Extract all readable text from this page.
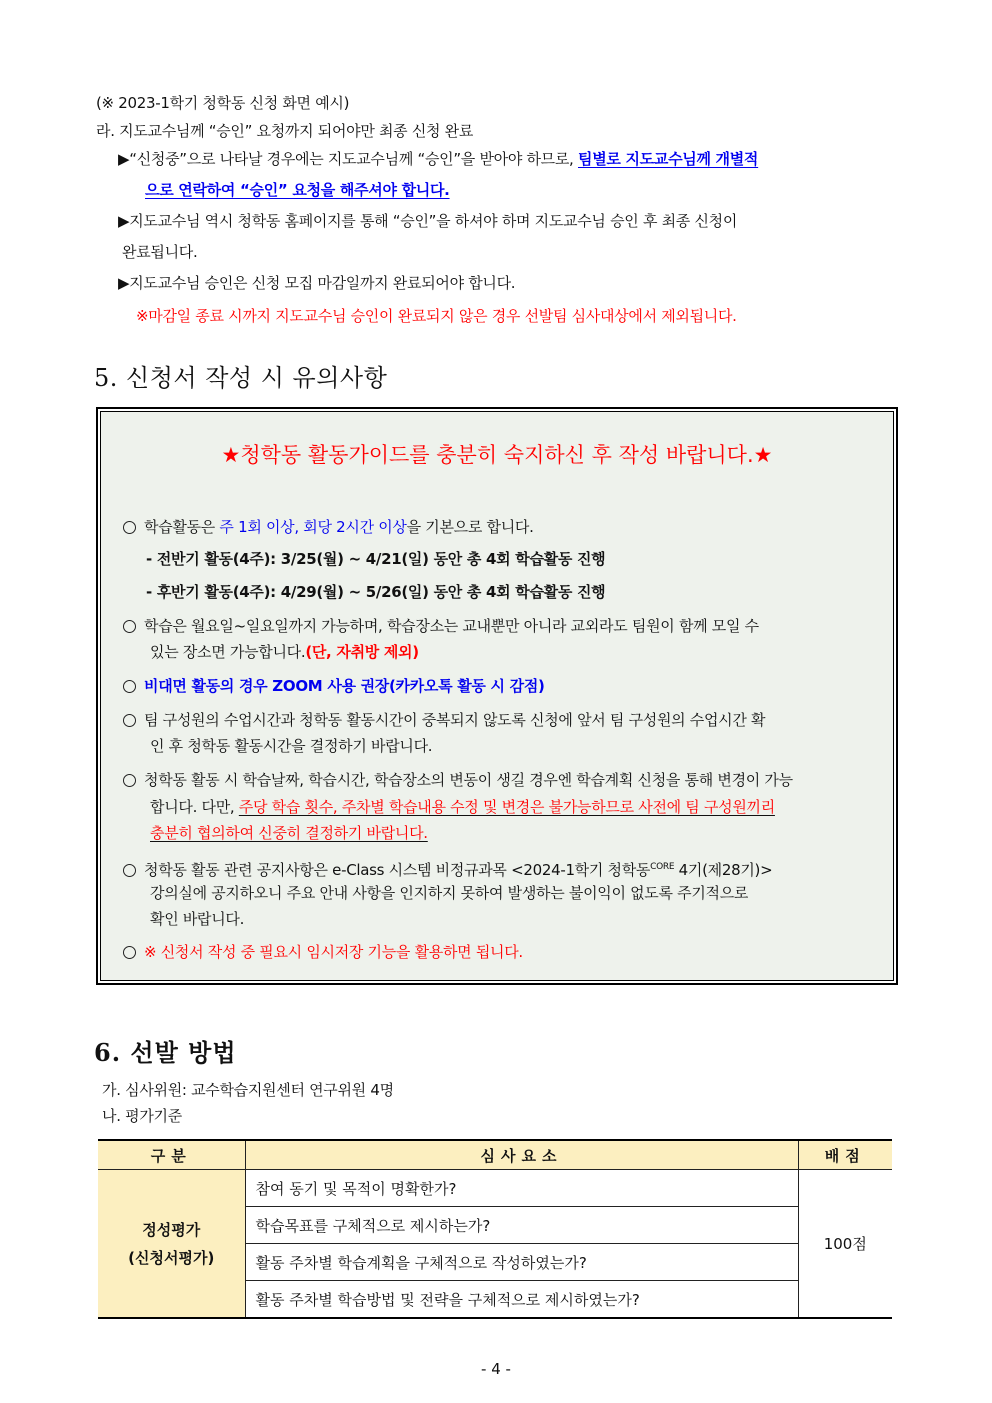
(※ 2023-1학기 청학동 신청 화면 예시)
라. 지도교수님께 “승인” 요청까지 되어야만 최종 신청 완료
▶“신청중”으로 나타날 경우에는 지도교수님께 “승인”을 받아야 하므로, 팀별로 지도교수님께 개별적
으로 연락하여 “승인” 요청을 해주셔야 합니다.
▶지도교수님 역시 청학동 홈페이지를 통해 “승인”을 하셔야 하며 지도교수님 승인 후 최종 신청이
완료됩니다.
▶지도교수님 승인은 신청 모집 마감일까지 완료되어야 합니다.
※마감일 종료 시까지 지도교수님 승인이 완료되지 않은 경우 선발팀 심사대상에서 제외됩니다.
5. 신청서 작성 시 유의사항
★청학동 활동가이드를 충분히 숙지하신 후 작성 바랍니다.★
학습활동은 주 1회 이상, 회당 2시간 이상을 기본으로 합니다.
- 전반기 활동(4주): 3/25(월) ~ 4/21(일) 동안 총 4회 학습활동 진행
- 후반기 활동(4주): 4/29(월) ~ 5/26(일) 동안 총 4회 학습활동 진행
학습은 월요일~일요일까지 가능하며, 학습장소는 교내뿐만 아니라 교외라도 팀원이 함께 모일 수
있는 장소면 가능합니다.(단, 자취방 제외)
비대면 활동의 경우 ZOOM 사용 권장(카카오톡 활동 시 감점)
팀 구성원의 수업시간과 청학동 활동시간이 중복되지 않도록 신청에 앞서 팀 구성원의 수업시간 확
인 후 청학동 활동시간을 결정하기 바랍니다.
청학동 활동 시 학습날짜, 학습시간, 학습장소의 변동이 생길 경우엔 학습계획 신청을 통해 변경이 가능
합니다. 다만, 주당 학습 횟수, 주차별 학습내용 수정 및 변경은 불가능하므로 사전에 팀 구성원끼리
충분히 협의하여 신중히 결정하기 바랍니다.
청학동 활동 관련 공지사항은 e-Class 시스템 비정규과목 <2024-1학기 청학동$^{CORE}$ 4기(제28기)>
강의실에 공지하오니 주요 안내 사항을 인지하지 못하여 발생하는 불이익이 없도록 주기적으로
확인 바랍니다.
※ 신청서 작성 중 필요시 임시저장 기능을 활용하면 됩니다.
6. 선발 방법
가. 심사위원: 교수학습지원센터 연구위원 4명
나. 평가기준
구분	심사요소	배점

정성평가
(신청서평가)	참여 동기 및 목적이 명확한가?	100점
	학습목표를 구체적으로 제시하는가?	
	활동 주차별 학습계획을 구체적으로 작성하였는가?	
	활동 주차별 학습방법 및 전략을 구체적으로 제시하였는가?	
- 4 -
